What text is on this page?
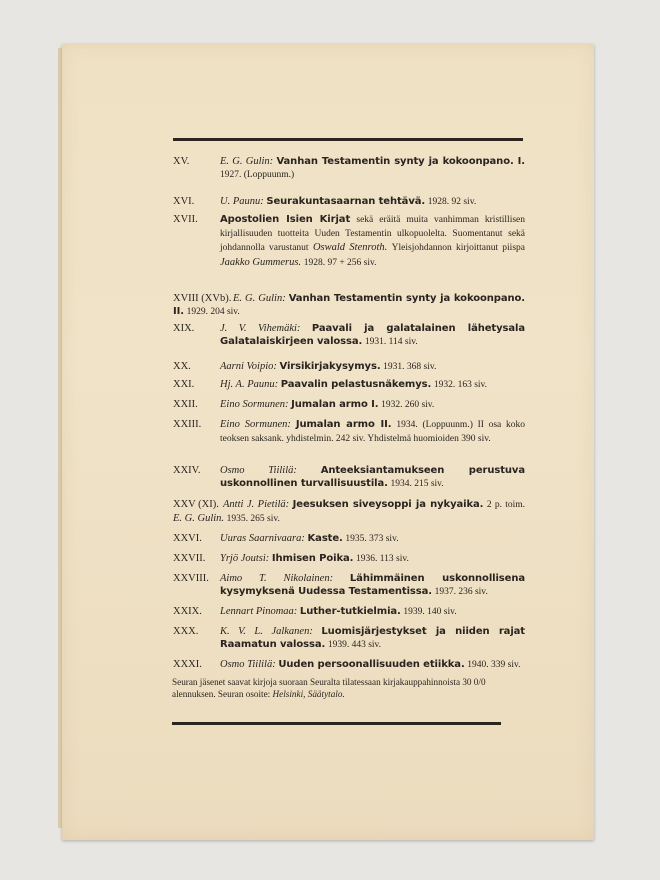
XV.	E. G. Gulin: Vanhan Testamentin synty ja kokoonpano. I. 1927. (Loppuunm.)
XVI.	U. Paunu: Seurakuntasaarnan tehtävä. 1928. 92 siv.
XVII.	Apostolien Isien Kirjat sekä eräitä muita vanhimman kristillisen kirjallisuuden tuotteita Uuden Testamentin ulkopuolelta. Suomentanut sekä johdannolla varustanut Oswald Stenroth. Yleisjohdannon kirjoittanut piispa Jaakko Gummerus. 1928. 97 + 256 siv.
XVIII (XVb). E. G. Gulin: Vanhan Testamentin synty ja kokoonpano. II. 1929. 204 siv.
XIX.	J. V. Vihemäki: Paavali ja galatalainen lähetysala Galatalaiskirjeen valossa. 1931. 114 siv.
XX.	Aarni Voipio: Virsikirjakysymys. 1931. 368 siv.
XXI.	Hj. A. Paunu: Paavalin pelastusnäkemys. 1932. 163 siv.
XXII.	Eino Sormunen: Jumalan armo I. 1932. 260 siv.
XXIII.	Eino Sormunen: Jumalan armo II. 1934. (Loppuunm.) II osa koko teoksen saksank. yhdistelmin. 242 siv. Yhdistelmä huomioiden 390 siv.
XXIV.	Osmo Tiililä: Anteeksiantamukseen perustuva uskonnollinen turvallisuustila. 1934. 215 siv.
XXV (XI). Antti J. Pietilä: Jeesuksen siveysoppi ja nykyaika. 2 p. toim. E. G. Gulin. 1935. 265 siv.
XXVI.	Uuras Saarnivaara: Kaste. 1935. 373 siv.
XXVII.	Yrjö Joutsi: Ihmisen Poika. 1936. 113 siv.
XXVIII.	Aimo T. Nikolainen: Lähimmäinen uskonnollisena kysymyksenä Uudessa Testamentissa. 1937. 236 siv.
XXIX.	Lennart Pinomaa: Luther-tutkielmia. 1939. 140 siv.
XXX.	K. V. L. Jalkanen: Luomisjärjestykset ja niiden rajat Raamatun valossa. 1939. 443 siv.
XXXI.	Osmo Tiililä: Uuden persoonallisuuden etiikka. 1940. 339 siv.
Seuran jäsenet saavat kirjoja suoraan Seuralta tilatessaan kirjakauppahinnoista 30 0/0 alennuksen. Seuran osoite: Helsinki, Säätytalo.
